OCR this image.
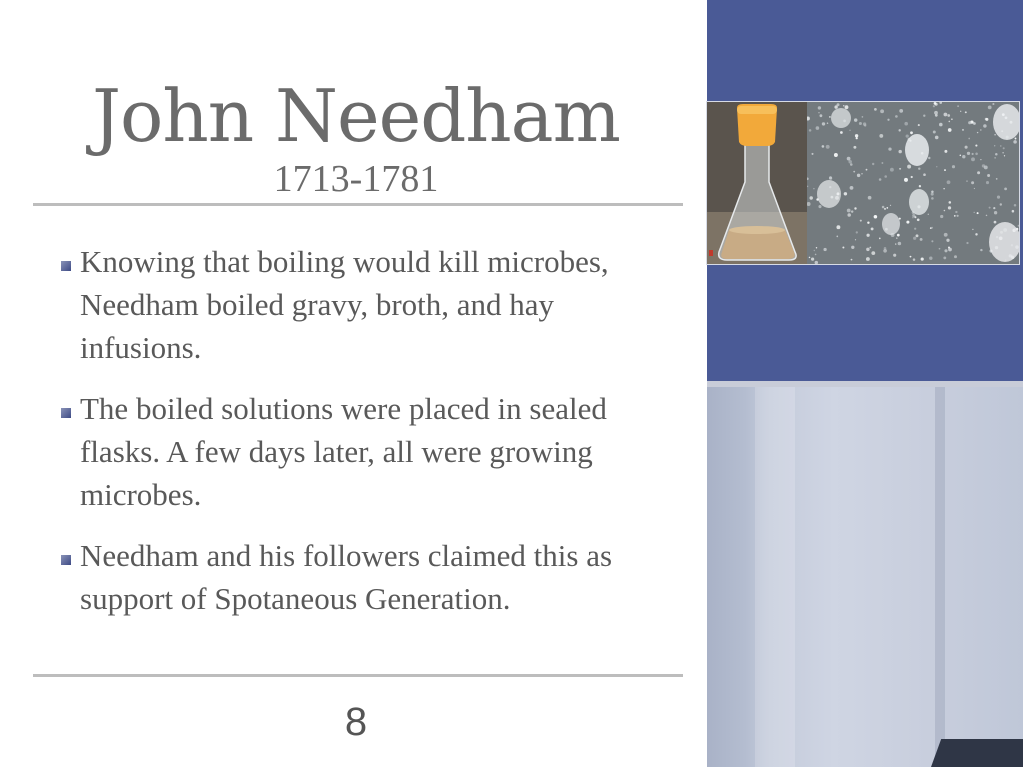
John Needham
1713-1781
Knowing that boiling would kill microbes, Needham boiled gravy, broth, and hay infusions.
The boiled solutions were placed in sealed flasks. A few days later, all were growing microbes.
Needham and his followers claimed this as support of Spotaneous Generation.
8
